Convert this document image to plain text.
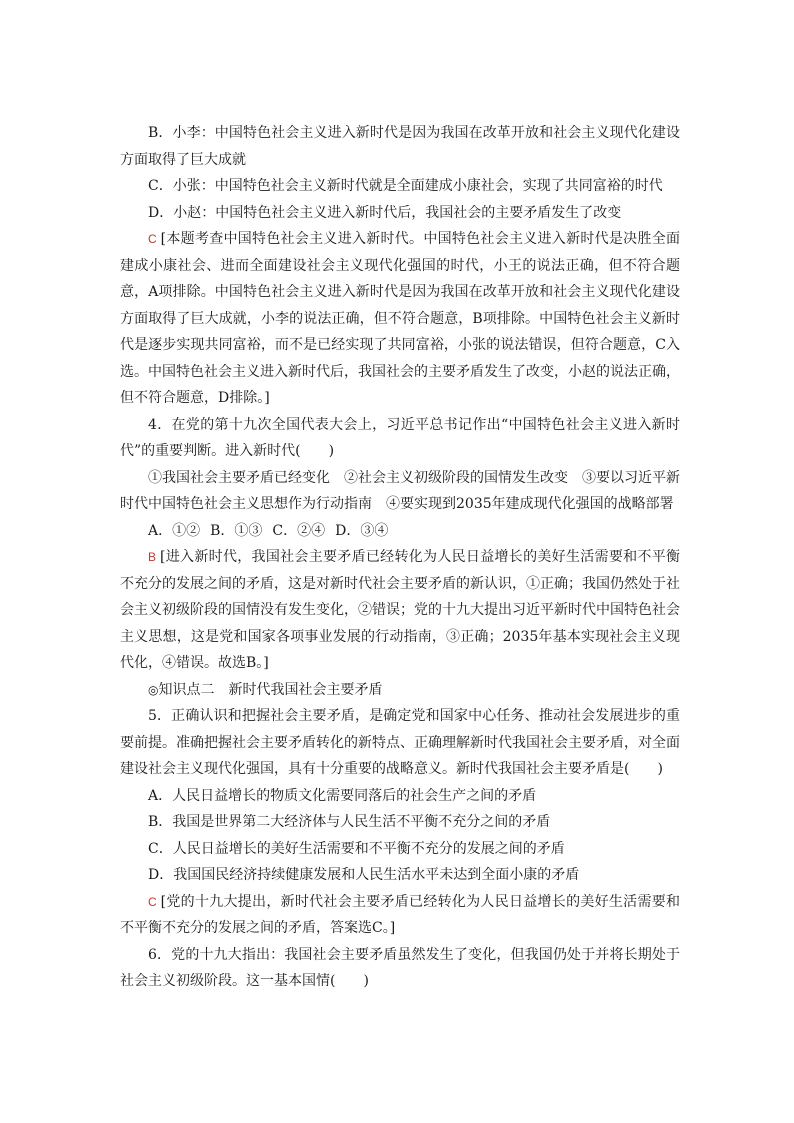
B．小李：中国特色社会主义进入新时代是因为我国在改革开放和社会主义现代化建设方面取得了巨大成就

C．小张：中国特色社会主义新时代就是全面建成小康社会，实现了共同富裕的时代

D．小赵：中国特色社会主义进入新时代后，我国社会的主要矛盾发生了改变

C [本题考查中国特色社会主义进入新时代。中国特色社会主义进入新时代是决胜全面建成小康社会、进而全面建设社会主义现代化强国的时代，小王的说法正确，但不符合题意，A项排除。中国特色社会主义进入新时代是因为我国在改革开放和社会主义现代化建设方面取得了巨大成就，小李的说法正确，但不符合题意，B项排除。中国特色社会主义新时代是逐步实现共同富裕，而不是已经实现了共同富裕，小张的说法错误，但符合题意，C入选。中国特色社会主义进入新时代后，我国社会的主要矛盾发生了改变，小赵的说法正确，但不符合题意，D排除。]

4．在党的第十九次全国代表大会上，习近平总书记作出“中国特色社会主义进入新时代”的重要判断。进入新时代(　　)

①我国社会主要矛盾已经变化　②社会主义初级阶段的国情发生改变　③要以习近平新时代中国特色社会主义思想作为行动指南　④要实现到2035年建成现代化强国的战略部署

A．①② B．①③ C．②④ D．③④

B [进入新时代，我国社会主要矛盾已经转化为人民日益增长的美好生活需要和不平衡不充分的发展之间的矛盾，这是对新时代社会主要矛盾的新认识，①正确；我国仍然处于社会主义初级阶段的国情没有发生变化，②错误；党的十九大提出习近平新时代中国特色社会主义思想，这是党和国家各项事业发展的行动指南，③正确；2035年基本实现社会主义现代化，④错误。故选B。]

◎知识点二　新时代我国社会主要矛盾

5．正确认识和把握社会主要矛盾，是确定党和国家中心任务、推动社会发展进步的重要前提。准确把握社会主要矛盾转化的新特点、正确理解新时代我国社会主要矛盾，对全面建设社会主义现代化强国，具有十分重要的战略意义。新时代我国社会主要矛盾是(　　)

A．人民日益增长的物质文化需要同落后的社会生产之间的矛盾

B．我国是世界第二大经济体与人民生活不平衡不充分之间的矛盾

C．人民日益增长的美好生活需要和不平衡不充分的发展之间的矛盾

D．我国国民经济持续健康发展和人民生活水平未达到全面小康的矛盾

C [党的十九大提出，新时代社会主要矛盾已经转化为人民日益增长的美好生活需要和不平衡不充分的发展之间的矛盾，答案选C。]

6．党的十九大指出：我国社会主要矛盾虽然发生了变化，但我国仍处于并将长期处于社会主义初级阶段。这一基本国情(　　)
